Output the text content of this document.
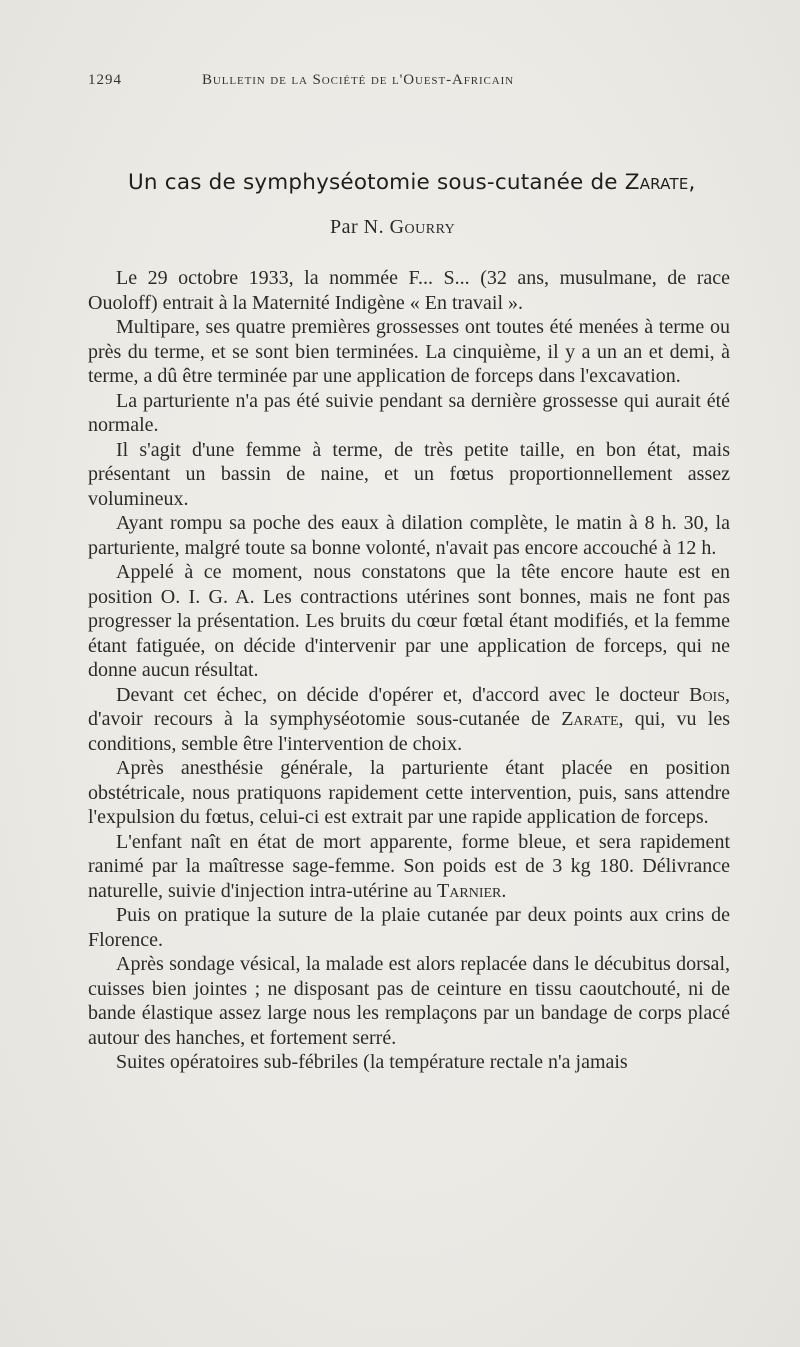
1294	Bulletin de la Société de l'Ouest-Africain
Un cas de symphyséotomie sous-cutanée de Zarate,
Par N. Gourry

Le 29 octobre 1933, la nommée F... S... (32 ans, musulmane, de race Ouoloff) entrait à la Maternité Indigène « En travail ».

Multipare, ses quatre premières grossesses ont toutes été menées à terme ou près du terme, et se sont bien terminées. La cinquième, il y a un an et demi, à terme, a dû être terminée par une application de forceps dans l'excavation.

La parturiente n'a pas été suivie pendant sa dernière grossesse qui aurait été normale.

Il s'agit d'une femme à terme, de très petite taille, en bon état, mais présentant un bassin de naine, et un fœtus proportionnellement assez volumineux.

Ayant rompu sa poche des eaux à dilation complète, le matin à 8 h. 30, la parturiente, malgré toute sa bonne volonté, n'avait pas encore accouché à 12 h.

Appelé à ce moment, nous constatons que la tête encore haute est en position O. I. G. A. Les contractions utérines sont bonnes, mais ne font pas progresser la présentation. Les bruits du cœur fœtal étant modifiés, et la femme étant fatiguée, on décide d'intervenir par une application de forceps, qui ne donne aucun résultat.

Devant cet échec, on décide d'opérer et, d'accord avec le docteur Bois, d'avoir recours à la symphyséotomie sous-cutanée de Zarate, qui, vu les conditions, semble être l'intervention de choix.

Après anesthésie générale, la parturiente étant placée en position obstétricale, nous pratiquons rapidement cette intervention, puis, sans attendre l'expulsion du fœtus, celui-ci est extrait par une rapide application de forceps.

L'enfant naît en état de mort apparente, forme bleue, et sera rapidement ranimé par la maîtresse sage-femme. Son poids est de 3 kg 180. Délivrance naturelle, suivie d'injection intra-utérine au Tarnier.

Puis on pratique la suture de la plaie cutanée par deux points aux crins de Florence.

Après sondage vésical, la malade est alors replacée dans le décubitus dorsal, cuisses bien jointes ; ne disposant pas de ceinture en tissu caoutchouté, ni de bande élastique assez large nous les remplaçons par un bandage de corps placé autour des hanches, et fortement serré.

Suites opératoires sub-fébriles (la température rectale n'a jamais
